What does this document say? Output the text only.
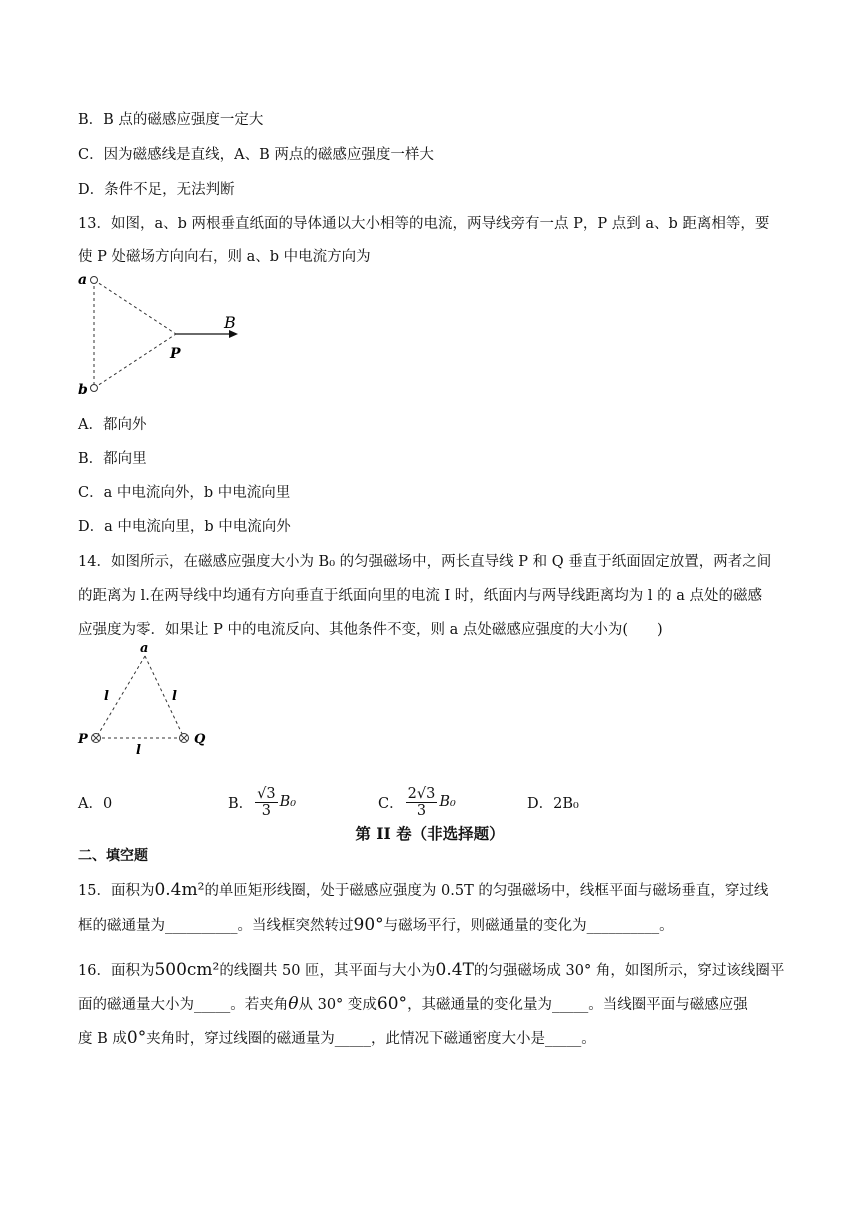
B．B 点的磁感应强度一定大
C．因为磁感线是直线，A、B 两点的磁感应强度一样大
D．条件不足，无法判断
13．如图，a、b 两根垂直纸面的导体通以大小相等的电流，两导线旁有一点 P，P 点到 a、b 距离相等，要
使 P 处磁场方向向右，则 a、b 中电流方向为
a
b
P
B
A．都向外
B．都向里
C．a 中电流向外，b 中电流向里
D．a 中电流向里，b 中电流向外
14．如图所示，在磁感应强度大小为 B₀ 的匀强磁场中，两长直导线 P 和 Q 垂直于纸面固定放置，两者之间
的距离为 l.在两导线中均通有方向垂直于纸面向里的电流 I 时，纸面内与两导线距离均为 l 的 a 点处的磁感
应强度为零．如果让 P 中的电流反向、其他条件不变，则 a 点处磁感应强度的大小为(　　)
a
l	l
l
P	Q
A．0	B． $\frac{√3}{3} B_0$	C． $\frac{2√3}{3} B_0$	D．2B₀
第 II 卷（非选择题）
二、填空题
15．面积为0.4m²的单匝矩形线圈，处于磁感应强度为 0.5T 的匀强磁场中，线框平面与磁场垂直，穿过线
框的磁通量为__________。当线框突然转过90°与磁场平行，则磁通量的变化为__________。
16．面积为500cm²的线圈共 50 匝，其平面与大小为0.4T的匀强磁场成 30° 角，如图所示，穿过该线圈平
面的磁通量大小为_____。若夹角θ从 30° 变成60°，其磁通量的变化量为_____。当线圈平面与磁感应强
度 B 成0°夹角时，穿过线圈的磁通量为_____，此情况下磁通密度大小是_____。
